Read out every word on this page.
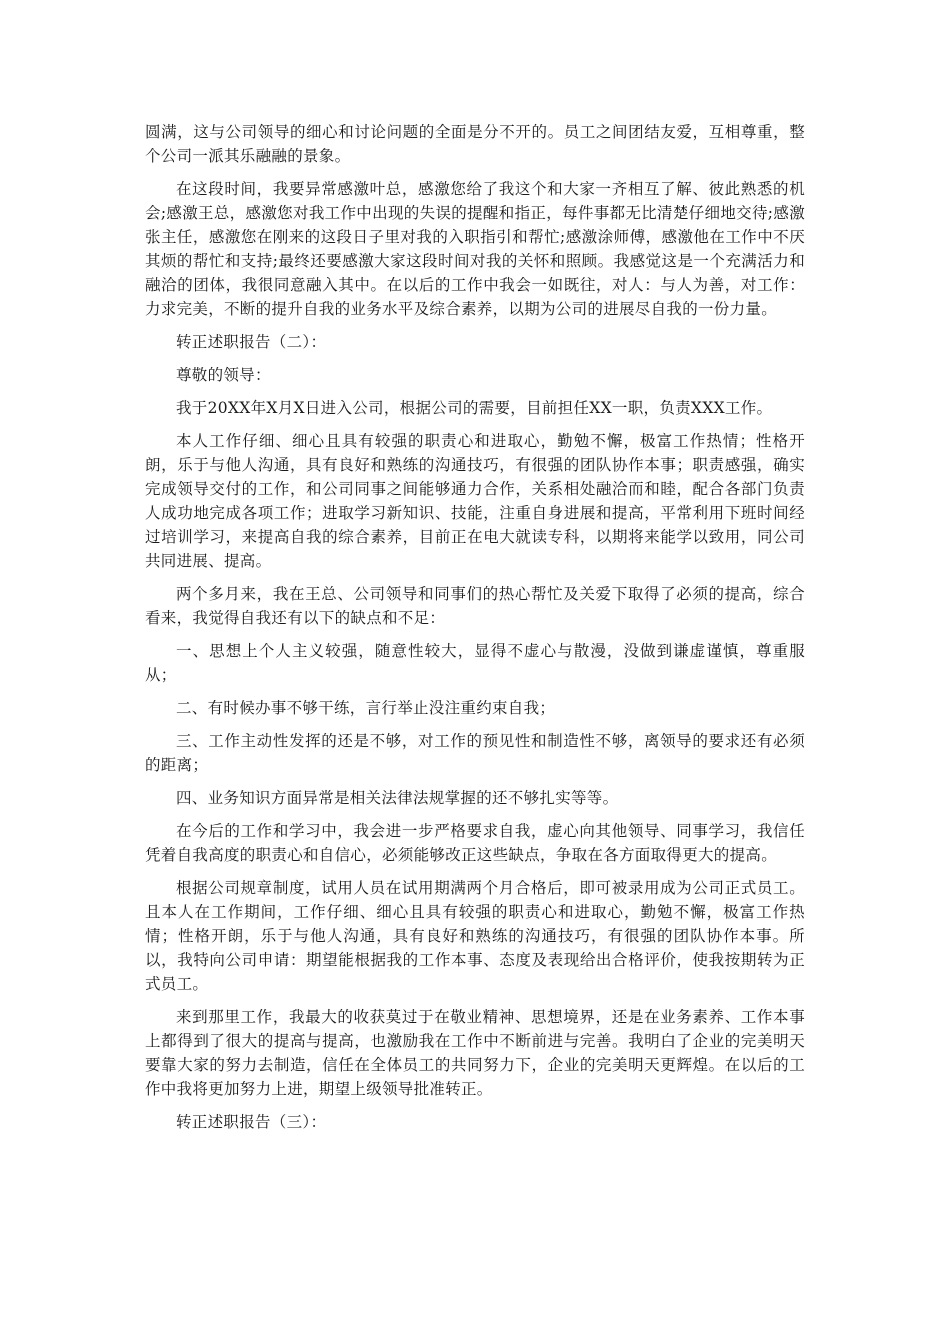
圆满，这与公司领导的细心和讨论问题的全面是分不开的。员工之间团结友爱，互相尊重，整个公司一派其乐融融的景象。

在这段时间，我要异常感激叶总，感激您给了我这个和大家一齐相互了解、彼此熟悉的机会;感激王总，感激您对我工作中出现的失误的提醒和指正，每件事都无比清楚仔细地交待;感激张主任，感激您在刚来的这段日子里对我的入职指引和帮忙;感激涂师傅，感激他在工作中不厌其烦的帮忙和支持;最终还要感激大家这段时间对我的关怀和照顾。我感觉这是一个充满活力和融洽的团体，我很同意融入其中。在以后的工作中我会一如既往，对人：与人为善，对工作：力求完美，不断的提升自我的业务水平及综合素养，以期为公司的进展尽自我的一份力量。

转正述职报告（二）：

尊敬的领导：

我于20XX年X月X日进入公司，根据公司的需要，目前担任XX一职，负责XXX工作。

本人工作仔细、细心且具有较强的职责心和进取心，勤勉不懈，极富工作热情；性格开朗，乐于与他人沟通，具有良好和熟练的沟通技巧，有很强的团队协作本事；职责感强，确实完成领导交付的工作，和公司同事之间能够通力合作，关系相处融洽而和睦，配合各部门负责人成功地完成各项工作；进取学习新知识、技能，注重自身进展和提高，平常利用下班时间经过培训学习，来提高自我的综合素养，目前正在电大就读专科，以期将来能学以致用，同公司共同进展、提高。

两个多月来，我在王总、公司领导和同事们的热心帮忙及关爱下取得了必须的提高，综合看来，我觉得自我还有以下的缺点和不足：

一、思想上个人主义较强，随意性较大，显得不虚心与散漫，没做到谦虚谨慎，尊重服从；

二、有时候办事不够干练，言行举止没注重约束自我；

三、工作主动性发挥的还是不够，对工作的预见性和制造性不够，离领导的要求还有必须的距离；

四、业务知识方面异常是相关法律法规掌握的还不够扎实等等。

在今后的工作和学习中，我会进一步严格要求自我，虚心向其他领导、同事学习，我信任凭着自我高度的职责心和自信心，必须能够改正这些缺点，争取在各方面取得更大的提高。

根据公司规章制度，试用人员在试用期满两个月合格后，即可被录用成为公司正式员工。且本人在工作期间，工作仔细、细心且具有较强的职责心和进取心，勤勉不懈，极富工作热情；性格开朗，乐于与他人沟通，具有良好和熟练的沟通技巧，有很强的团队协作本事。所以，我特向公司申请：期望能根据我的工作本事、态度及表现给出合格评价，使我按期转为正式员工。

来到那里工作，我最大的收获莫过于在敬业精神、思想境界，还是在业务素养、工作本事上都得到了很大的提高与提高，也激励我在工作中不断前进与完善。我明白了企业的完美明天要靠大家的努力去制造，信任在全体员工的共同努力下，企业的完美明天更辉煌。在以后的工作中我将更加努力上进，期望上级领导批准转正。

转正述职报告（三）：
